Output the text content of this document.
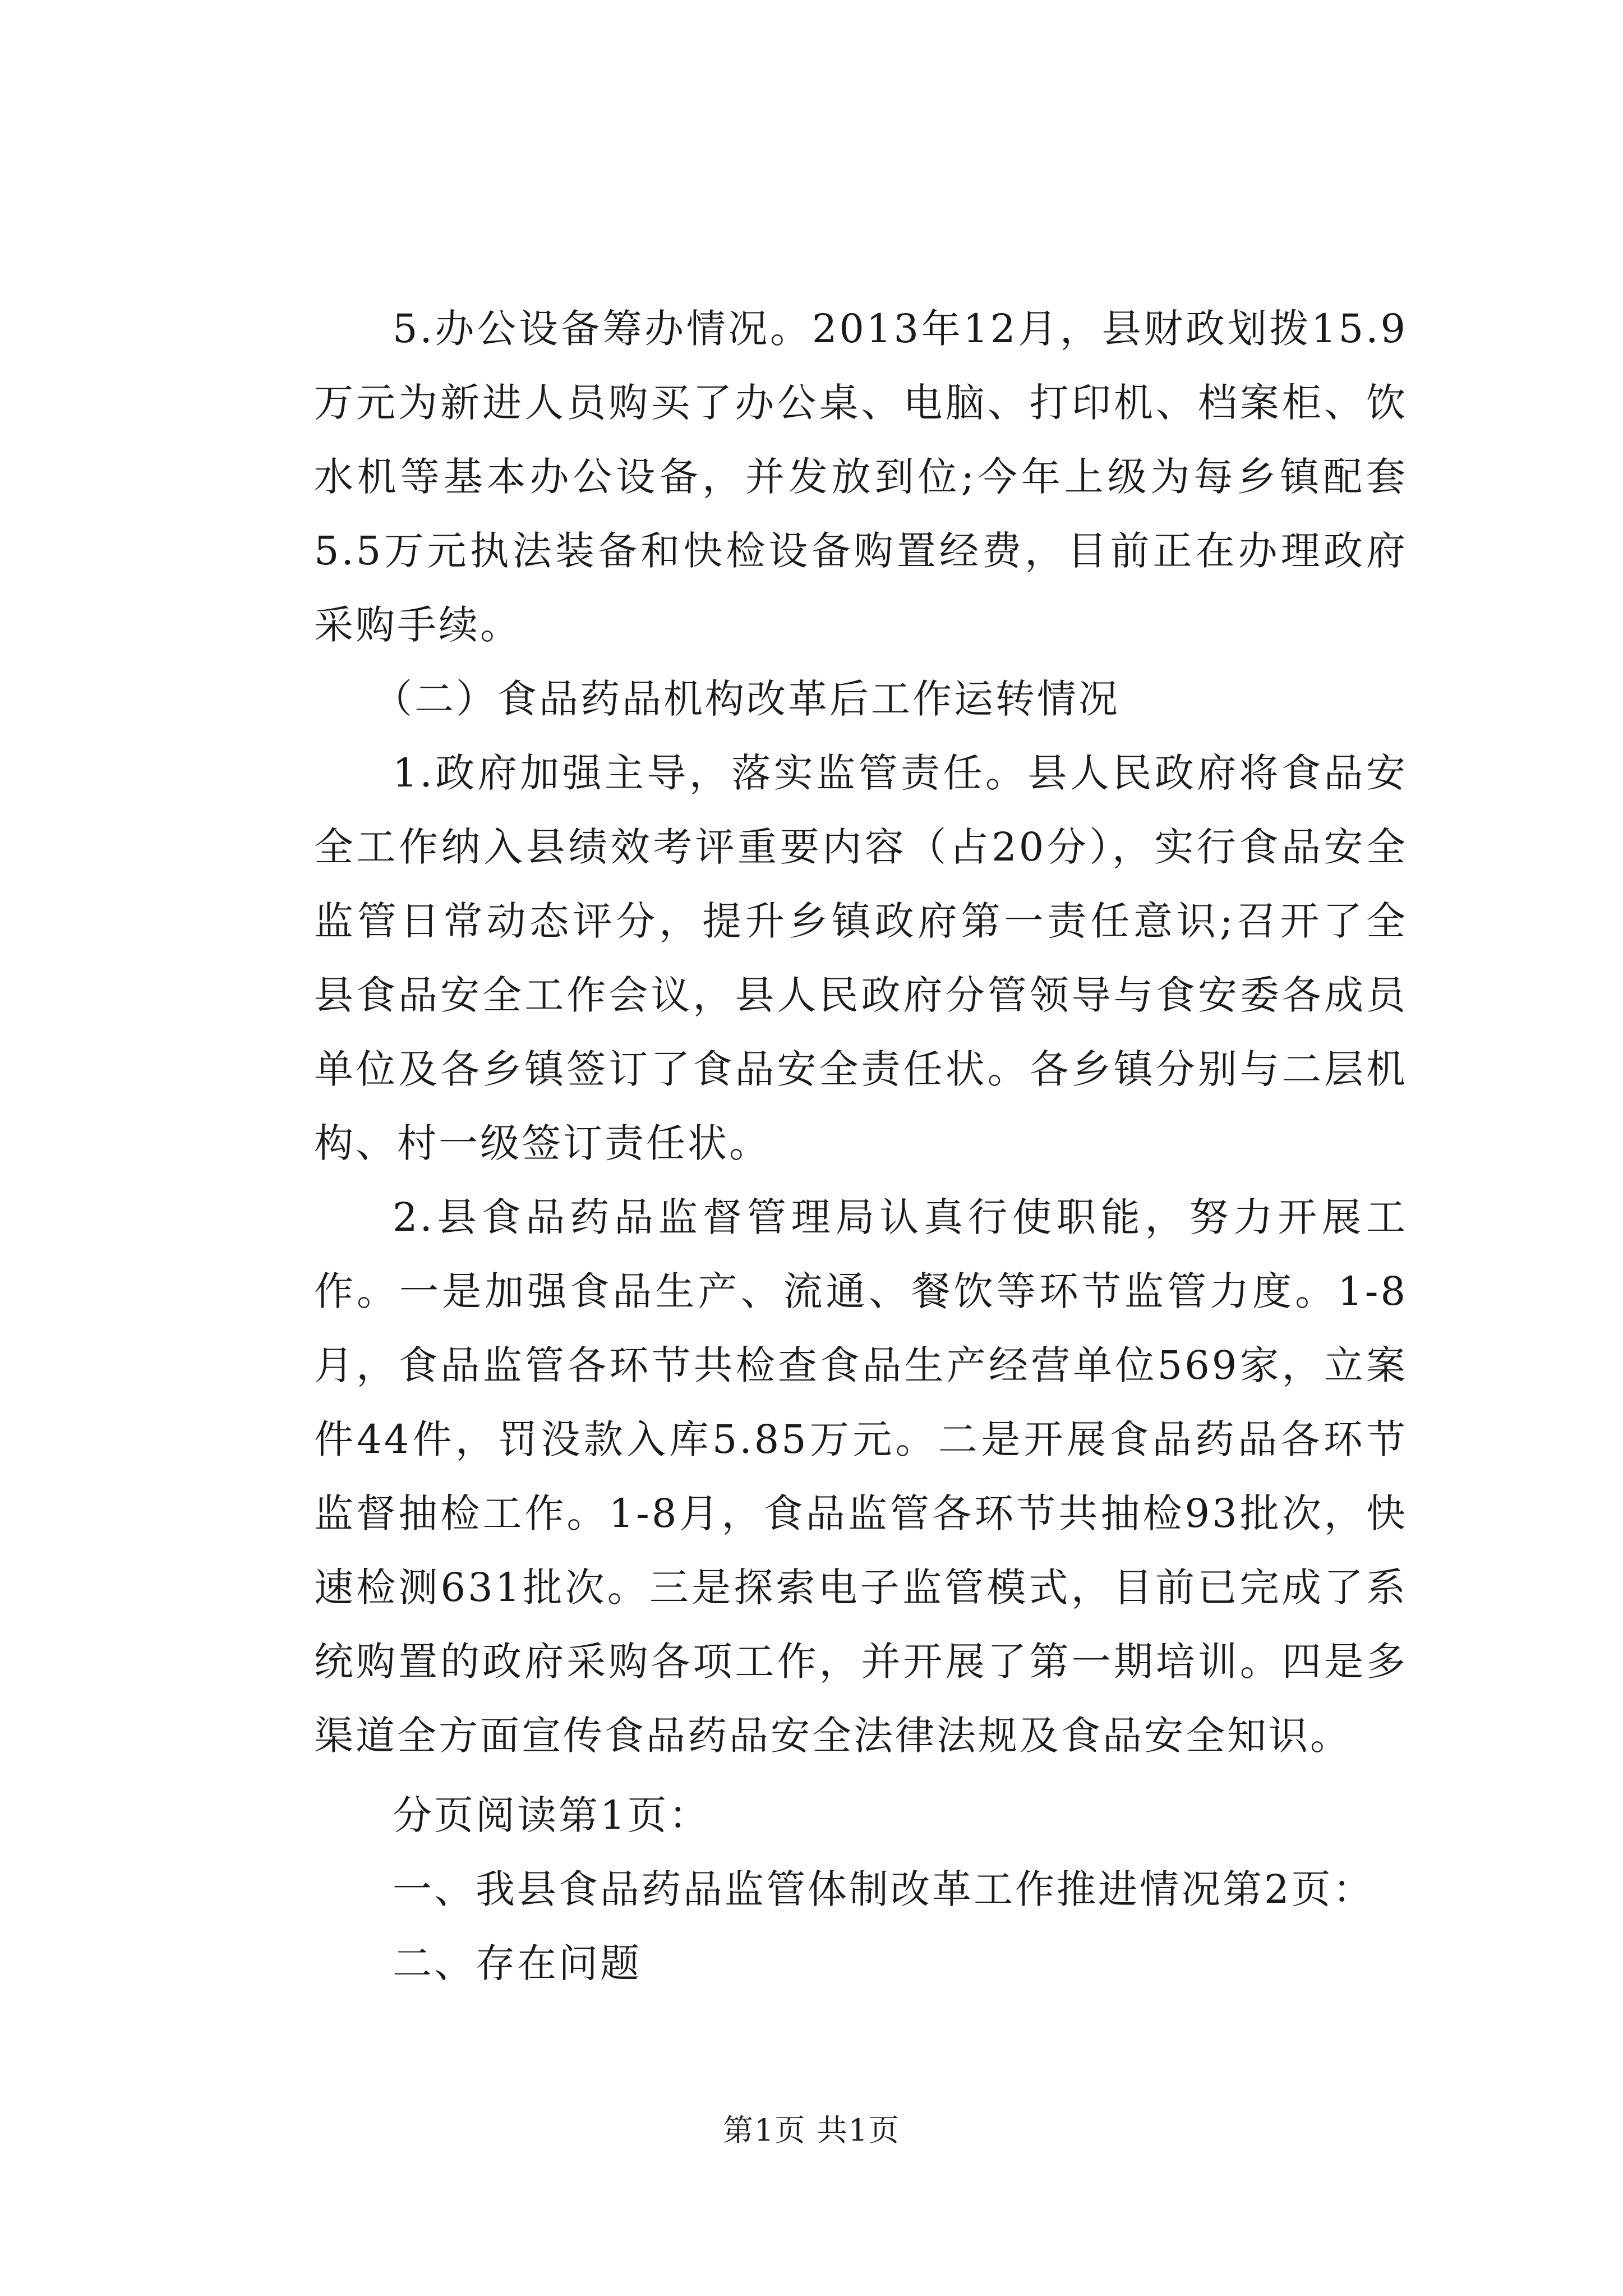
5.办公设备筹办情况。2013年12月，县财政划拨15.9万元为新进人员购买了办公桌、电脑、打印机、档案柜、饮水机等基本办公设备，并发放到位;今年上级为每乡镇配套5.5万元执法装备和快检设备购置经费，目前正在办理政府采购手续。

（二）食品药品机构改革后工作运转情况

1.政府加强主导，落实监管责任。县人民政府将食品安全工作纳入县绩效考评重要内容（占20分），实行食品安全监管日常动态评分，提升乡镇政府第一责任意识;召开了全县食品安全工作会议，县人民政府分管领导与食安委各成员单位及各乡镇签订了食品安全责任状。各乡镇分别与二层机构、村一级签订责任状。

2.县食品药品监督管理局认真行使职能，努力开展工作。一是加强食品生产、流通、餐饮等环节监管力度。1-8月，食品监管各环节共检查食品生产经营单位569家，立案件44件，罚没款入库5.85万元。二是开展食品药品各环节监督抽检工作。1-8月，食品监管各环节共抽检93批次，快速检测631批次。三是探索电子监管模式，目前已完成了系统购置的政府采购各项工作，并开展了第一期培训。四是多渠道全方面宣传食品药品安全法律法规及食品安全知识。

分页阅读第1页：

一、我县食品药品监管体制改革工作推进情况第2页：

二、存在问题

第1页 共1页
